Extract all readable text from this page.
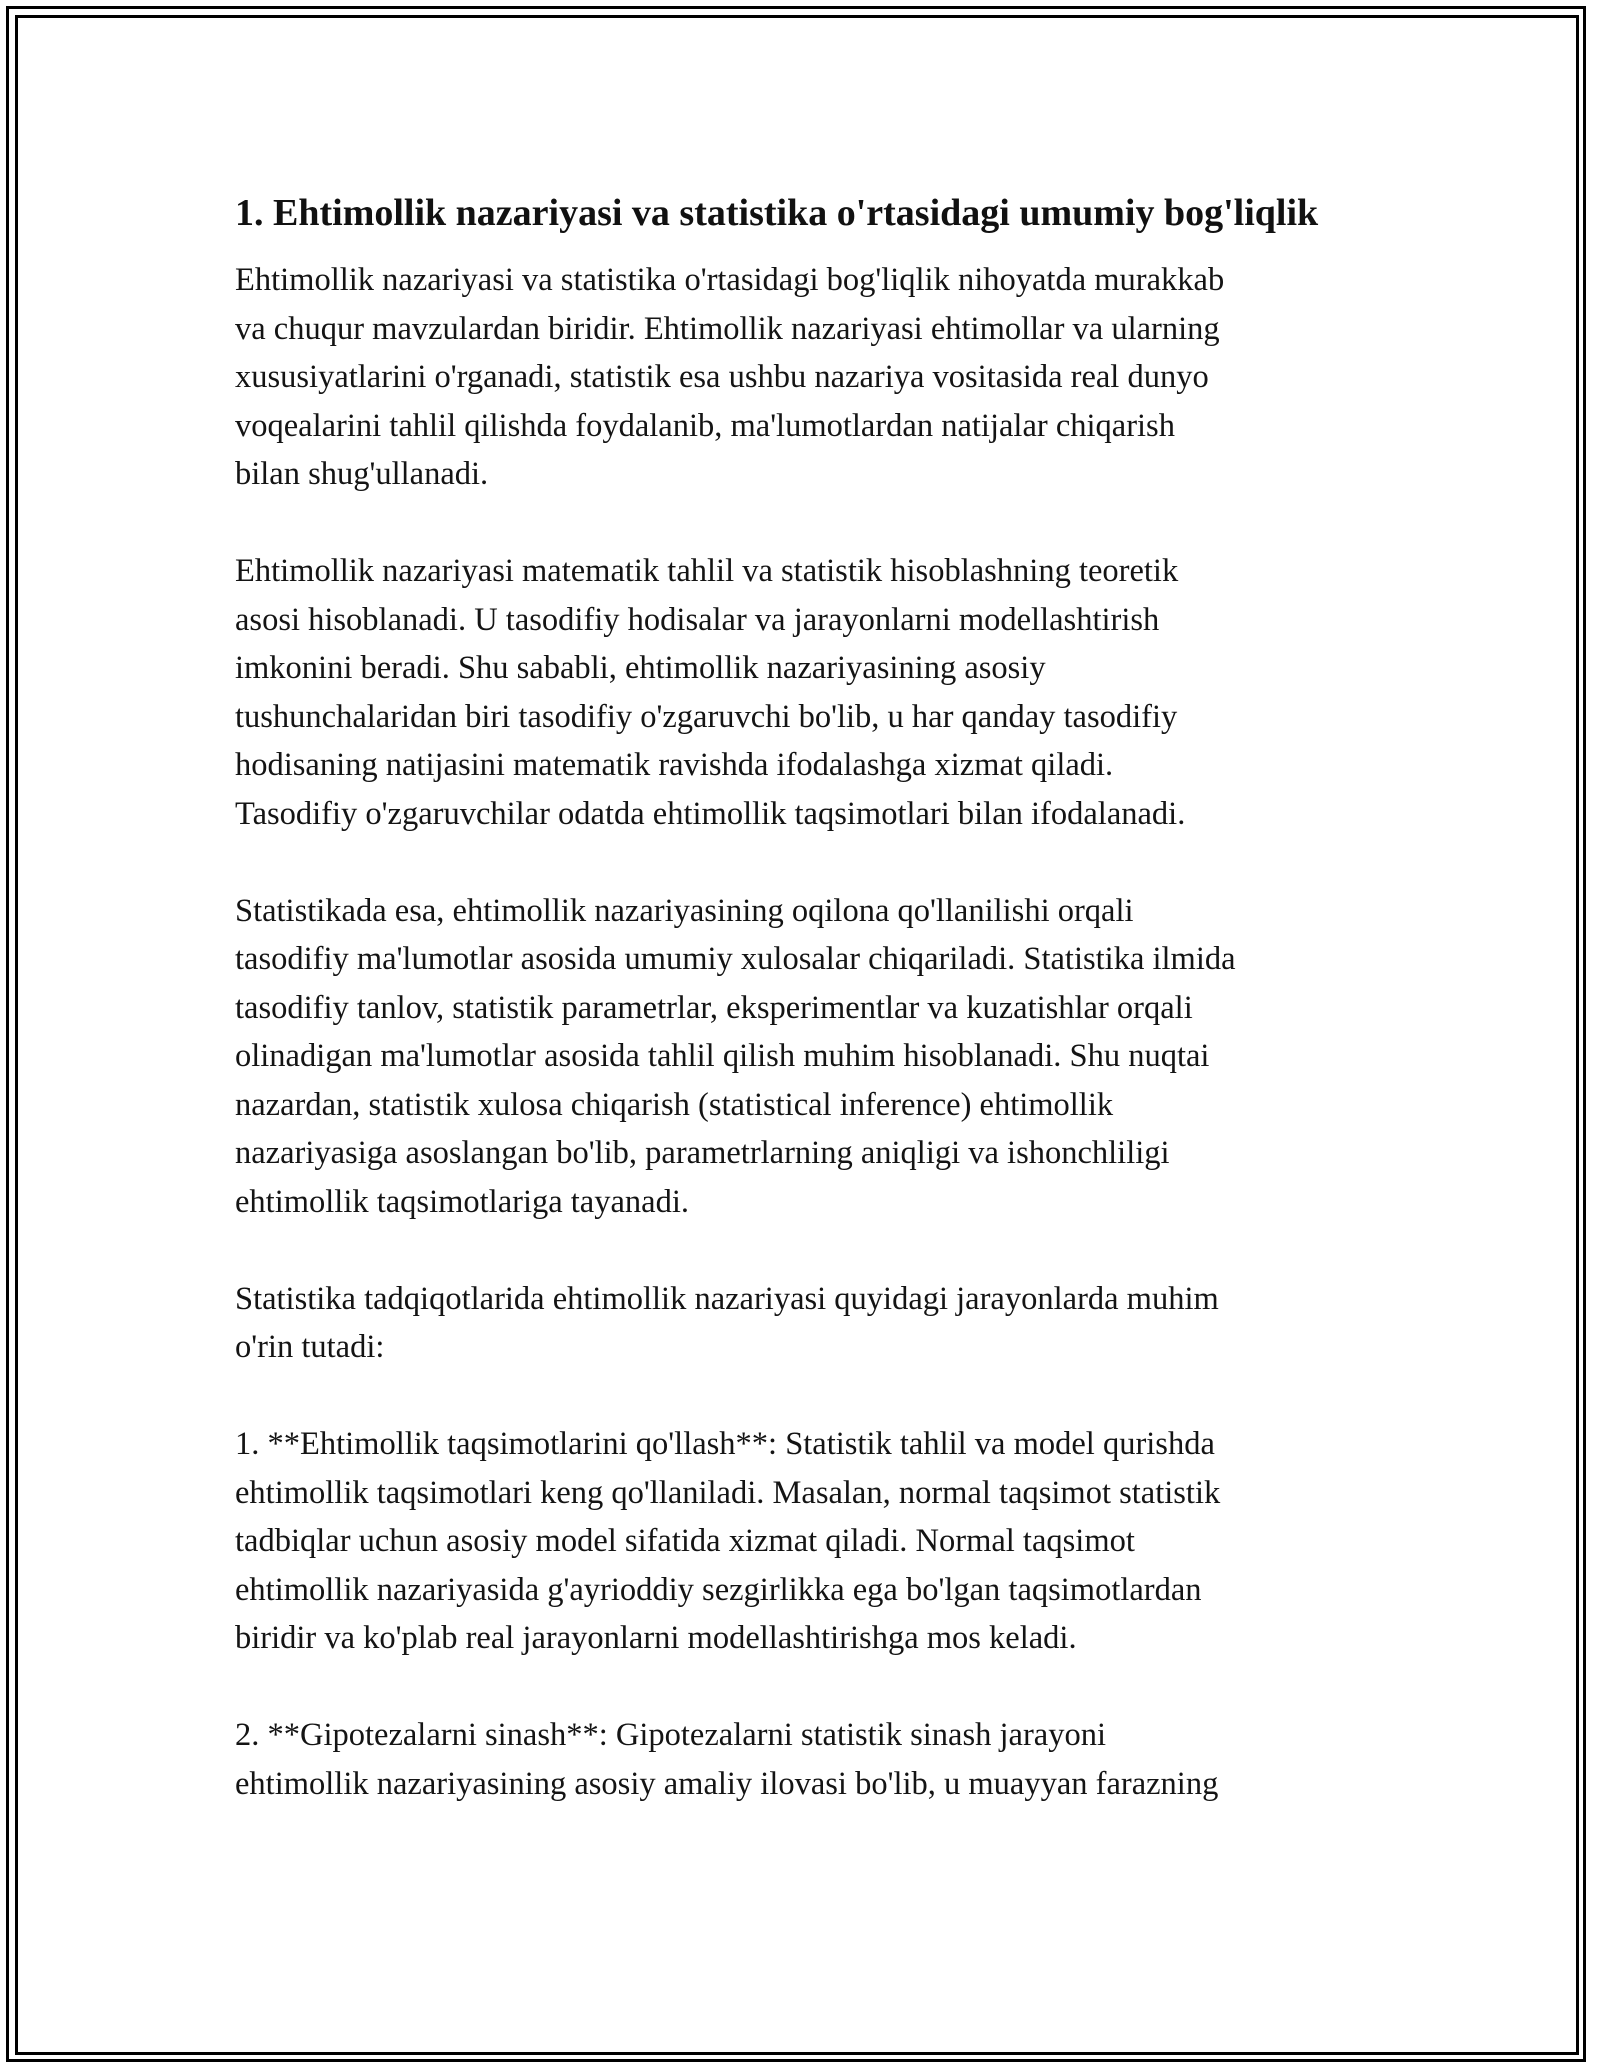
1. Ehtimollik nazariyasi va statistika o'rtasidagi umumiy bog'liqlik

Ehtimollik nazariyasi va statistika o'rtasidagi bog'liqlik nihoyatda murakkab
va chuqur mavzulardan biridir. Ehtimollik nazariyasi ehtimollar va ularning
xususiyatlarini o'rganadi, statistik esa ushbu nazariya vositasida real dunyo
voqealarini tahlil qilishda foydalanib, ma'lumotlardan natijalar chiqarish
bilan shug'ullanadi.

Ehtimollik nazariyasi matematik tahlil va statistik hisoblashning teoretik
asosi hisoblanadi. U tasodifiy hodisalar va jarayonlarni modellashtirish
imkonini beradi. Shu sababli, ehtimollik nazariyasining asosiy
tushunchalaridan biri tasodifiy o'zgaruvchi bo'lib, u har qanday tasodifiy
hodisaning natijasini matematik ravishda ifodalashga xizmat qiladi.
Tasodifiy o'zgaruvchilar odatda ehtimollik taqsimotlari bilan ifodalanadi.

Statistikada esa, ehtimollik nazariyasining oqilona qo'llanilishi orqali
tasodifiy ma'lumotlar asosida umumiy xulosalar chiqariladi. Statistika ilmida
tasodifiy tanlov, statistik parametrlar, eksperimentlar va kuzatishlar orqali
olinadigan ma'lumotlar asosida tahlil qilish muhim hisoblanadi. Shu nuqtai
nazardan, statistik xulosa chiqarish (statistical inference) ehtimollik
nazariyasiga asoslangan bo'lib, parametrlarning aniqligi va ishonchliligi
ehtimollik taqsimotlariga tayanadi.

Statistika tadqiqotlarida ehtimollik nazariyasi quyidagi jarayonlarda muhim
o'rin tutadi:

1. **Ehtimollik taqsimotlarini qo'llash**: Statistik tahlil va model qurishda
ehtimollik taqsimotlari keng qo'llaniladi. Masalan, normal taqsimot statistik
tadbiqlar uchun asosiy model sifatida xizmat qiladi. Normal taqsimot
ehtimollik nazariyasida g'ayrioddiy sezgirlikka ega bo'lgan taqsimotlardan
biridir va ko'plab real jarayonlarni modellashtirishga mos keladi.

2. **Gipotezalarni sinash**: Gipotezalarni statistik sinash jarayoni
ehtimollik nazariyasining asosiy amaliy ilovasi bo'lib, u muayyan farazning
